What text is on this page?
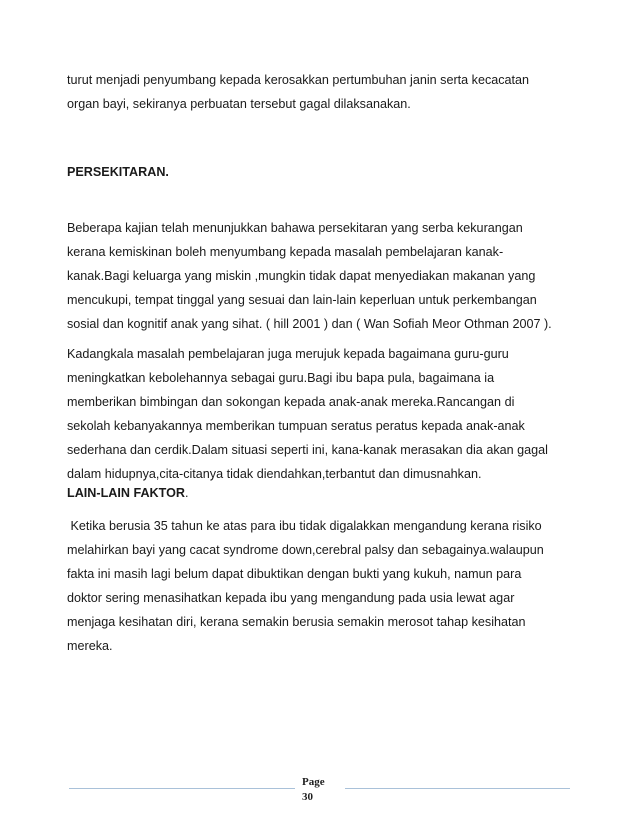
turut menjadi penyumbang kepada kerosakkan pertumbuhan janin serta kecacatan
organ bayi, sekiranya perbuatan tersebut gagal dilaksanakan.
PERSEKITARAN.
Beberapa kajian telah menunjukkan bahawa persekitaran yang serba kekurangan
kerana kemiskinan boleh menyumbang kepada masalah pembelajaran kanak-
kanak.Bagi keluarga yang miskin ,mungkin tidak dapat menyediakan makanan yang
mencukupi, tempat tinggal yang sesuai dan lain-lain keperluan untuk perkembangan
sosial dan kognitif anak yang sihat. ( hill 2001 ) dan ( Wan Sofiah Meor Othman 2007 ).
Kadangkala masalah pembelajaran juga merujuk kepada bagaimana guru-guru
meningkatkan kebolehannya sebagai guru.Bagi ibu bapa pula, bagaimana ia
memberikan bimbingan dan sokongan kepada anak-anak mereka.Rancangan di
sekolah kebanyakannya memberikan tumpuan seratus peratus kepada anak-anak
sederhana dan cerdik.Dalam situasi seperti ini, kana-kanak merasakan dia akan gagal
dalam hidupnya,cita-citanya tidak diendahkan,terbantut dan dimusnahkan.
LAIN-LAIN FAKTOR.
Ketika berusia 35 tahun ke atas para ibu tidak digalakkan mengandung kerana risiko
melahirkan bayi yang cacat syndrome down,cerebral palsy dan sebagainya.walaupun
fakta ini masih lagi belum dapat dibuktikan dengan bukti yang kukuh, namun para
doktor sering menasihatkan kepada ibu yang mengandung pada usia lewat agar
menjaga kesihatan diri, kerana semakin berusia semakin merosot tahap kesihatan
mereka.
Page
30
